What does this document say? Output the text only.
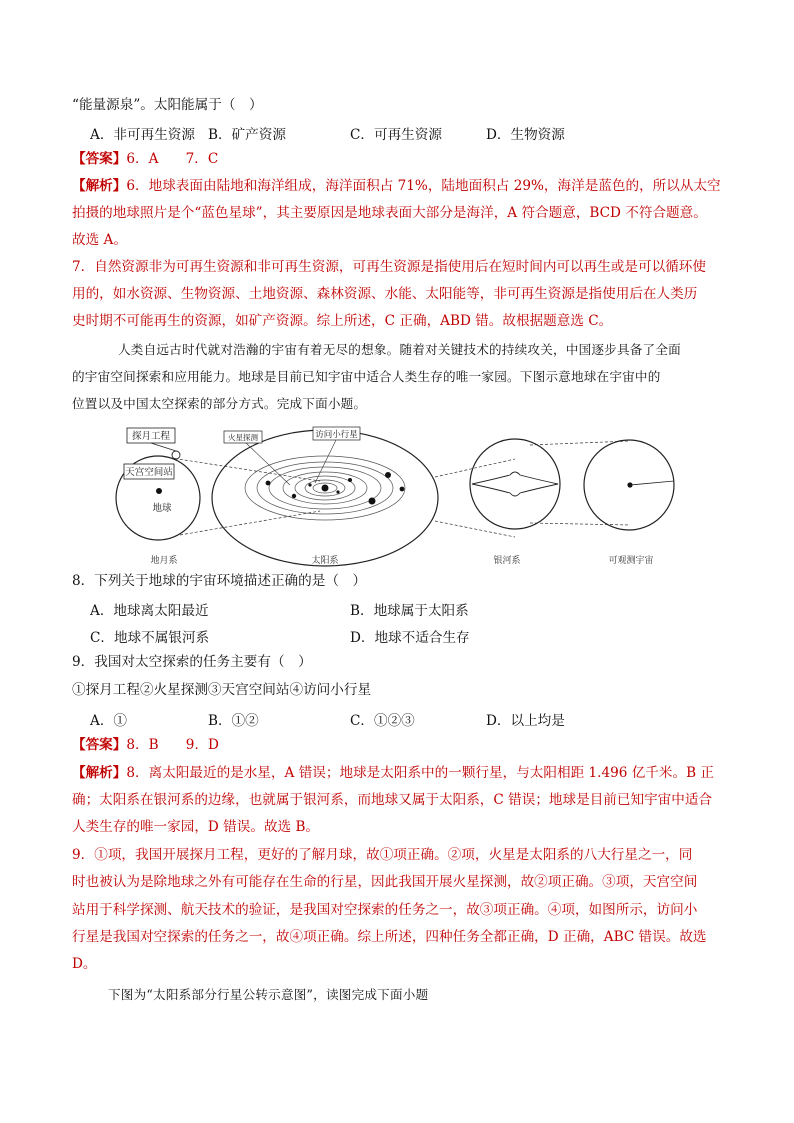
“能量源泉”。太阳能属于（　）
A．非可再生资源 B．矿产资源	C．可再生资源	D．生物资源
【答案】6．A　　7．C
【解析】6．地球表面由陆地和海洋组成，海洋面积占 71%，陆地面积占 29%，海洋是蓝色的，所以从太空
拍摄的地球照片是个“蓝色星球”，其主要原因是地球表面大部分是海洋，A 符合题意，BCD 不符合题意。
故选 A。
7．自然资源非为可再生资源和非可再生资源，可再生资源是指使用后在短时间内可以再生或是可以循环使
用的，如水资源、生物资源、土地资源、森林资源、水能、太阳能等，非可再生资源是指使用后在人类历
史时期不可能再生的资源，如矿产资源。综上所述，C 正确，ABD 错。故根据题意选 C。
人类自远古时代就对浩瀚的宇宙有着无尽的想象。随着对关键技术的持续攻关，中国逐步具备了全面
的宇宙空间探索和应用能力。地球是目前已知宇宙中适合人类生存的唯一家园。下图示意地球在宇宙中的
位置以及中国太空探索的部分方式。完成下面小题。
探月工程
天宫空间站
地球
地月系
火星探测	访问小行星
太阳系	银河系	可观测宇宙
8．下列关于地球的宇宙环境描述正确的是（　）
A．地球离太阳最近	B．地球属于太阳系
C．地球不属银河系	D．地球不适合生存
9．我国对太空探索的任务主要有（　）
①探月工程②火星探测③天宫空间站④访问小行星
A．①	B．①②	C．①②③	D．以上均是
【答案】8．B　　9．D
【解析】8．离太阳最近的是水星，A 错误；地球是太阳系中的一颗行星，与太阳相距 1.496 亿千米。B 正
确；太阳系在银河系的边缘，也就属于银河系，而地球又属于太阳系，C 错误；地球是目前已知宇宙中适合
人类生存的唯一家园，D 错误。故选 B。
9．①项，我国开展探月工程，更好的了解月球，故①项正确。②项，火星是太阳系的八大行星之一，同
时也被认为是除地球之外有可能存在生命的行星，因此我国开展火星探测，故②项正确。③项，天宫空间
站用于科学探测、航天技术的验证，是我国对空探索的任务之一，故③项正确。④项，如图所示，访问小
行星是我国对空探索的任务之一，故④项正确。综上所述，四种任务全都正确，D 正确，ABC 错误。故选
D。
下图为“太阳系部分行星公转示意图”，读图完成下面小题
